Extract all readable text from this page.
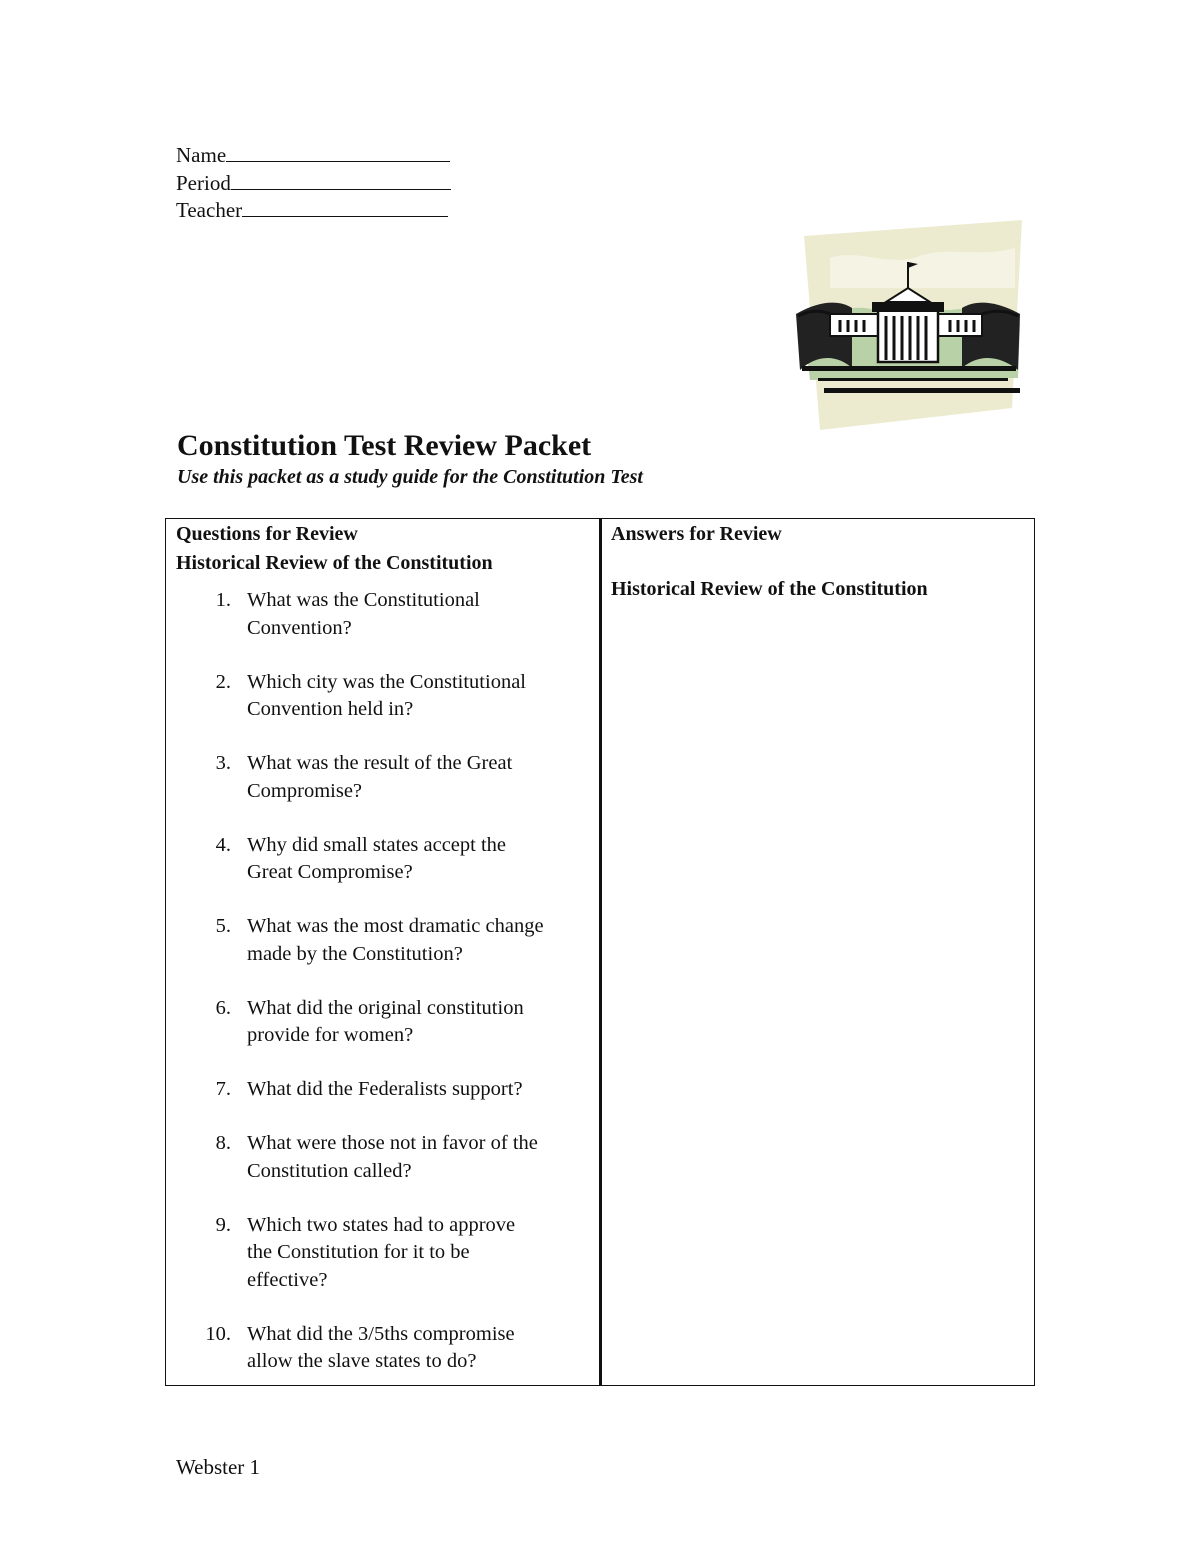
Name
Period
Teacher

Constitution Test Review Packet

Use this packet as a study guide for the Constitution Test

Questions for Review
Historical Review of the Constitution
1. What was the Constitutional
Convention?
2. Which city was the Constitutional
Convention held in?
3. What was the result of the Great
Compromise?
4. Why did small states accept the
Great Compromise?
5. What was the most dramatic change
made by the Constitution?
6. What did the original constitution
provide for women?
7. What did the Federalists support?
8. What were those not in favor of the
Constitution called?
9. Which two states had to approve
the Constitution for it to be
effective?
10. What did the 3/5ths compromise
allow the slave states to do?
Answers for Review
Historical Review of the Constitution
Webster 1
